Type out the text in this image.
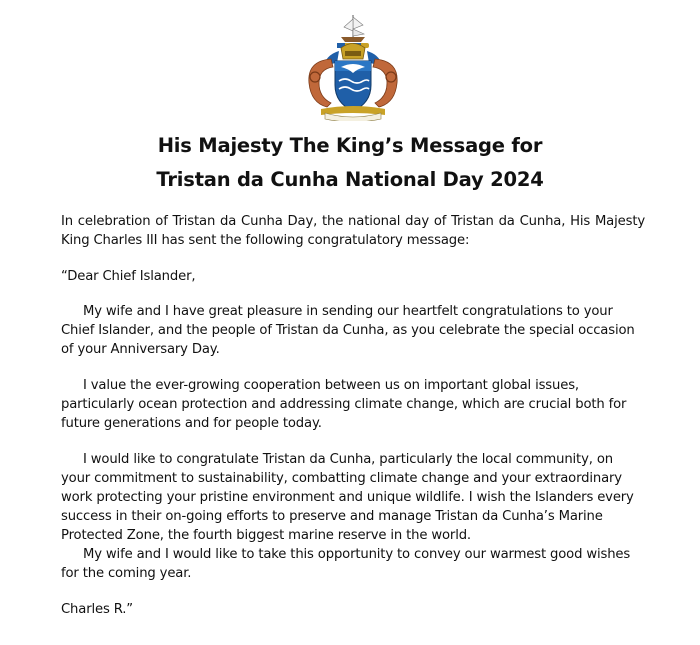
His Majesty The King’s Message for
Tristan da Cunha National Day 2024
In celebration of Tristan da Cunha Day, the national day of Tristan da Cunha, His Majesty King Charles III has sent the following congratulatory message:
“Dear Chief Islander,
My wife and I have great pleasure in sending our heartfelt congratulations to your Chief Islander, and the people of Tristan da Cunha, as you celebrate the special occasion of your Anniversary Day.
I value the ever-growing cooperation between us on important global issues, particularly ocean protection and addressing climate change, which are crucial both for future generations and for people today.
I would like to congratulate Tristan da Cunha, particularly the local community, on your commitment to sustainability, combatting climate change and your extraordinary work protecting your pristine environment and unique wildlife. I wish the Islanders every success in their on-going efforts to preserve and manage Tristan da Cunha’s Marine Protected Zone, the fourth biggest marine reserve in the world.
My wife and I would like to take this opportunity to convey our warmest good wishes for the coming year.
Charles R.”
